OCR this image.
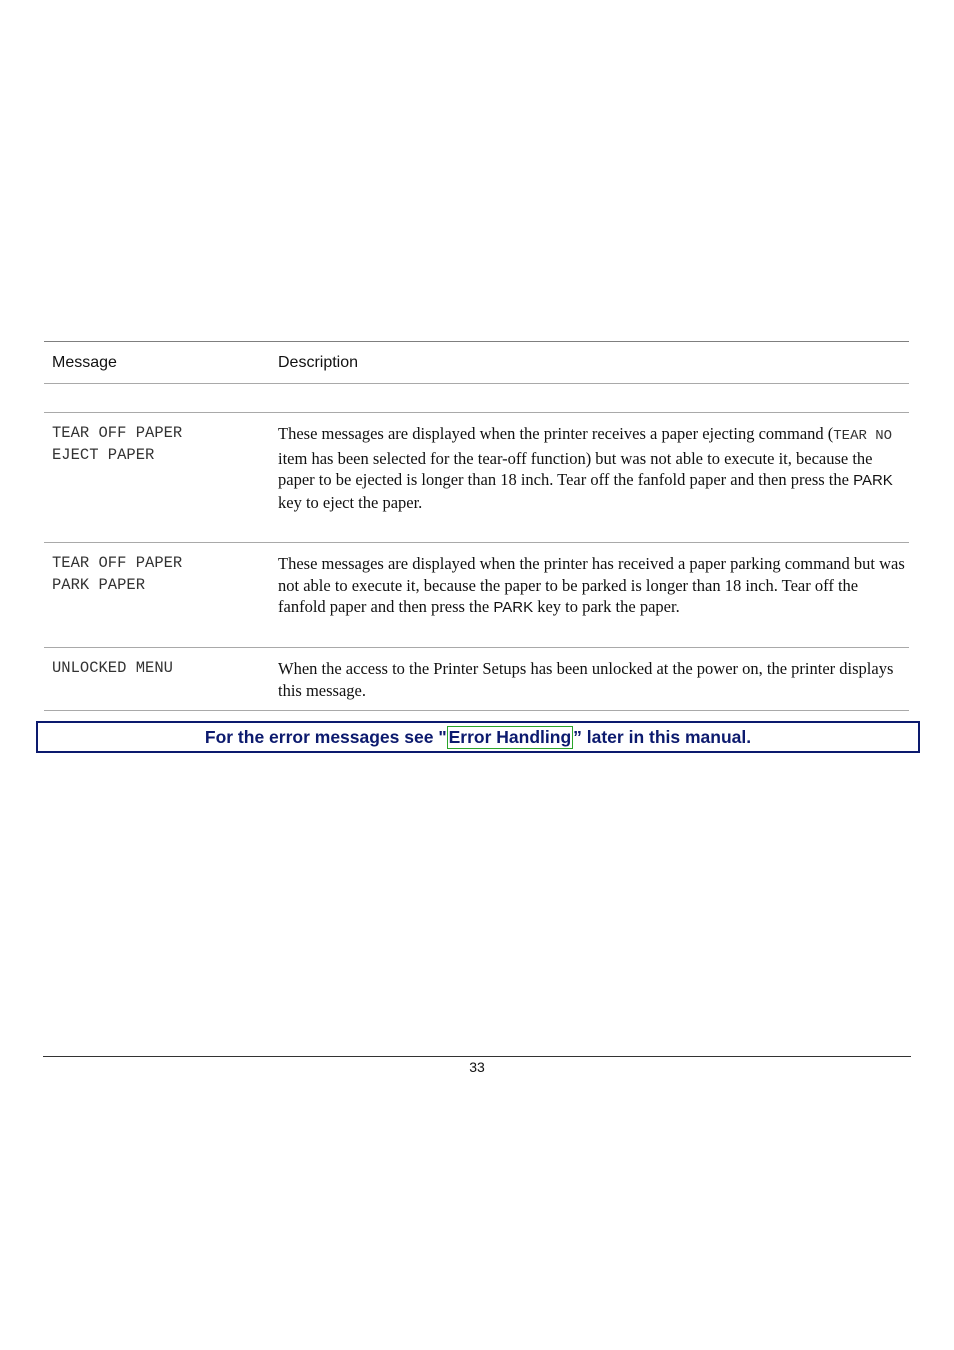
Message	Description
TEAR OFF PAPER
EJECT PAPER
These messages are displayed when the printer receives a paper ejecting command (TEAR NO item has been selected for the tear-off function) but was not able to execute it, because the paper to be ejected is longer than 18 inch. Tear off the fanfold paper and then press the PARK key to eject the paper.
TEAR OFF PAPER
PARK PAPER
These messages are displayed when the printer has received a paper parking command but was not able to execute it, because the paper to be parked is longer than 18 inch. Tear off the fanfold paper and then press the PARK key to park the paper.
UNLOCKED MENU	When the access to the Printer Setups has been unlocked at the power on, the printer displays this message.
For the error messages see " Error Handling ” later in this manual.
33
